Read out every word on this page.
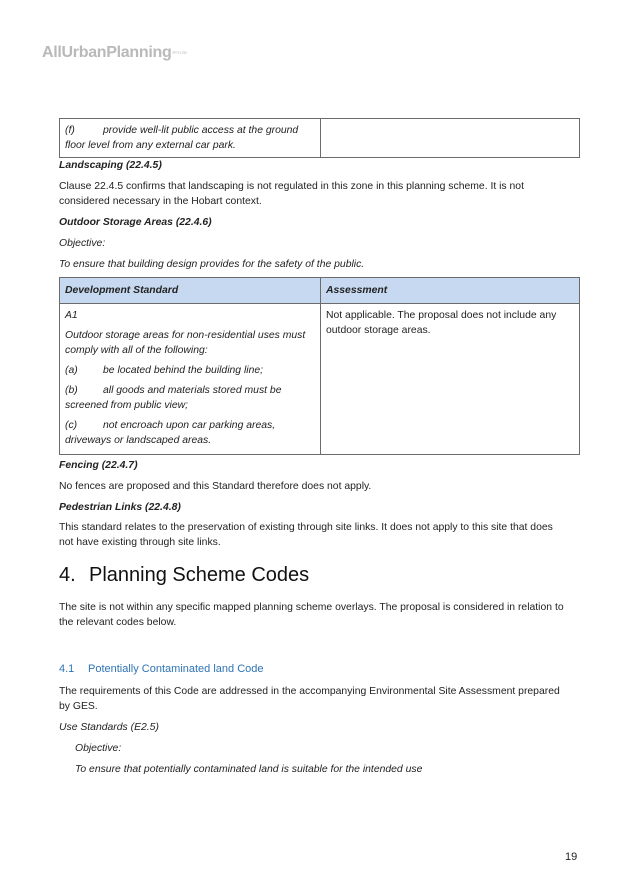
AllUrbanPlanning$^{PTY LTD}$
(f)	provide well-lit public access at the ground floor level from any external car park.

Landscaping (22.4.5)
Clause 22.4.5 confirms that landscaping is not regulated in this zone in this planning scheme. It is not considered necessary in the Hobart context.
Outdoor Storage Areas (22.4.6)
Objective:
To ensure that building design provides for the safety of the public.
Development Standard	Assessment

A1
Outdoor storage areas for non-residential uses must comply with all of the following:
(a) be located behind the building line;
(b) all goods and materials stored must be screened from public view;
(c) not encroach upon car parking areas, driveways or landscaped areas.	Not applicable. The proposal does not include any outdoor storage areas.
Fencing (22.4.7)
No fences are proposed and this Standard therefore does not apply.
Pedestrian Links (22.4.8)
This standard relates to the preservation of existing through site links. It does not apply to this site that does not have existing through site links.
4. Planning Scheme Codes
The site is not within any specific mapped planning scheme overlays. The proposal is considered in relation to the relevant codes below.
4.1 Potentially Contaminated land Code
The requirements of this Code are addressed in the accompanying Environmental Site Assessment prepared by GES.
Use Standards (E2.5)
Objective:
To ensure that potentially contaminated land is suitable for the intended use
19
